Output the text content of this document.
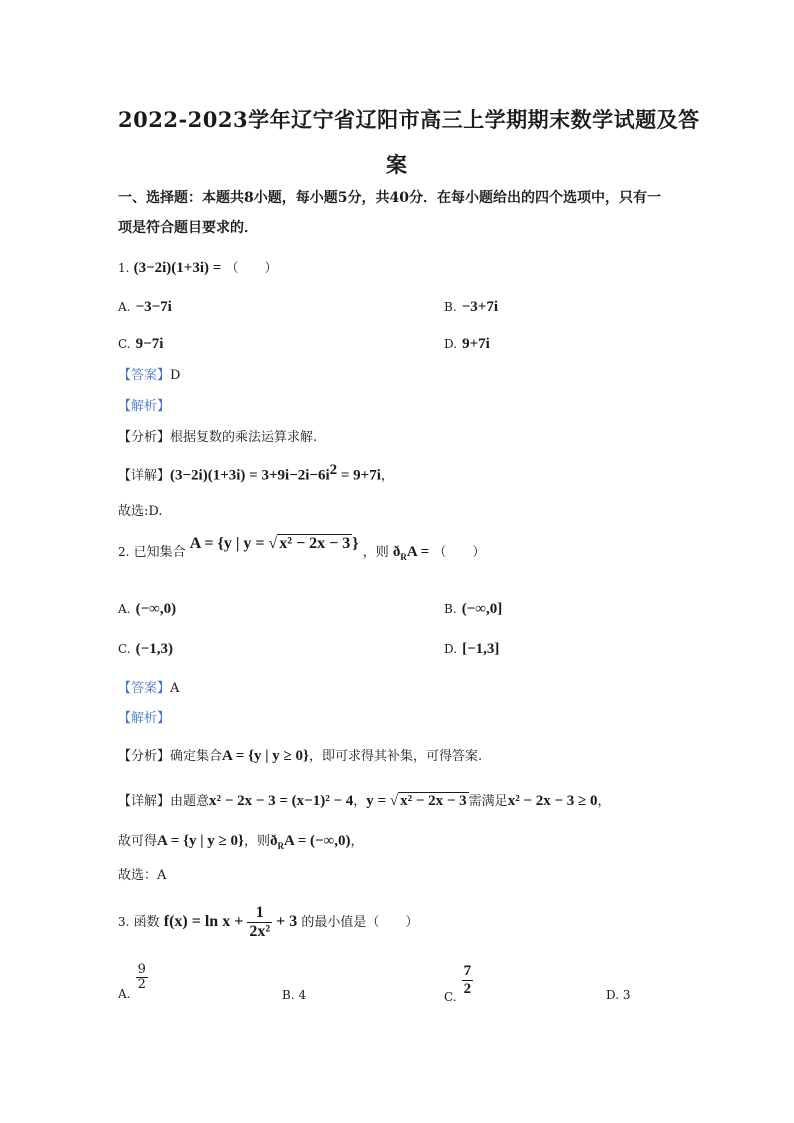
2022-2023学年辽宁省辽阳市高三上学期期末数学试题及答
案
一、选择题：本题共8小题，每小题5分，共40分．在每小题给出的四个选项中，只有一
项是符合题目要求的．
1. (3−2i)(1+3i) = （　　）
A. −3−7i	B. −3+7i
C. 9−7i	D. 9+7i
【答案】D
【解析】
【分析】根据复数的乘法运算求解.
【详解】$(3-2i)(1+3i) = 3+9i-2i-6i^2 = 9+7i$，
故选:D.
2. 已知集合 A = {y | y = √ x² − 2x − 3 } ，则 $ð_RA$ = （　　）
A. (−∞,0)	B. (−∞,0]
C. (−1,3)	D. [−1,3]
【答案】A
【解析】
【分析】确定集合A = {y | y ≥ 0}，即可求得其补集，可得答案.
【详解】由题意x² − 2x − 3 = (x−1)² − 4，y = √ x² − 2x − 3 需满足x² − 2x − 3 ≥ 0，
故可得A = {y | y ≥ 0}，则$ð_RA = (-\infty,0)$，
故选：A
3. 函数 $f(x) = \ln x + \frac{1}{\text{2x²}} + 3$ 的最小值是（　　）
$_{A.}$
$\frac{9}{2}$
B. 4	$_{C.} \frac{7}{2}$	D. 3
